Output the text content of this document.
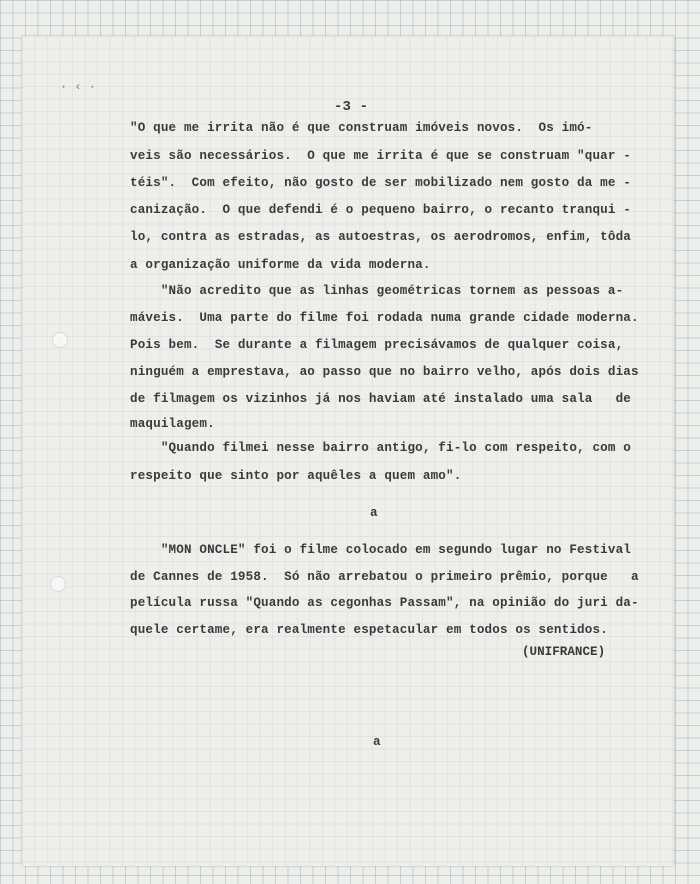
· ‹ ·
-3 -
"O que me irrita não é que construam imóveis novos.  Os imó-
veis são necessários.  O que me irrita é que se construam "quar -
téis".  Com efeito, não gosto de ser mobilizado nem gosto da me -
canização.  O que defendi é o pequeno bairro, o recanto tranqui -
lo, contra as estradas, as autoestras, os aerodromos, enfim, tôda
a organização uniforme da vida moderna.
"Não acredito que as linhas geométricas tornem as pessoas a-
máveis.  Uma parte do filme foi rodada numa grande cidade moderna.
Pois bem.  Se durante a filmagem precisávamos de qualquer coisa,
ninguém a emprestava, ao passo que no bairro velho, após dois dias
de filmagem os vizinhos já nos haviam até instalado uma sala   de
maquilagem.
"Quando filmei nesse bairro antigo, fi-lo com respeito, com o
respeito que sinto por aquêles a quem amo".
"MON ONCLE" foi o filme colocado em segundo lugar no Festival
de Cannes de 1958.  Só não arrebatou o primeiro prêmio, porque   a
película russa "Quando as cegonhas Passam", na opinião do juri da-
quele certame, era realmente espetacular em todos os sentidos.
a
(UNIFRANCE)
a
